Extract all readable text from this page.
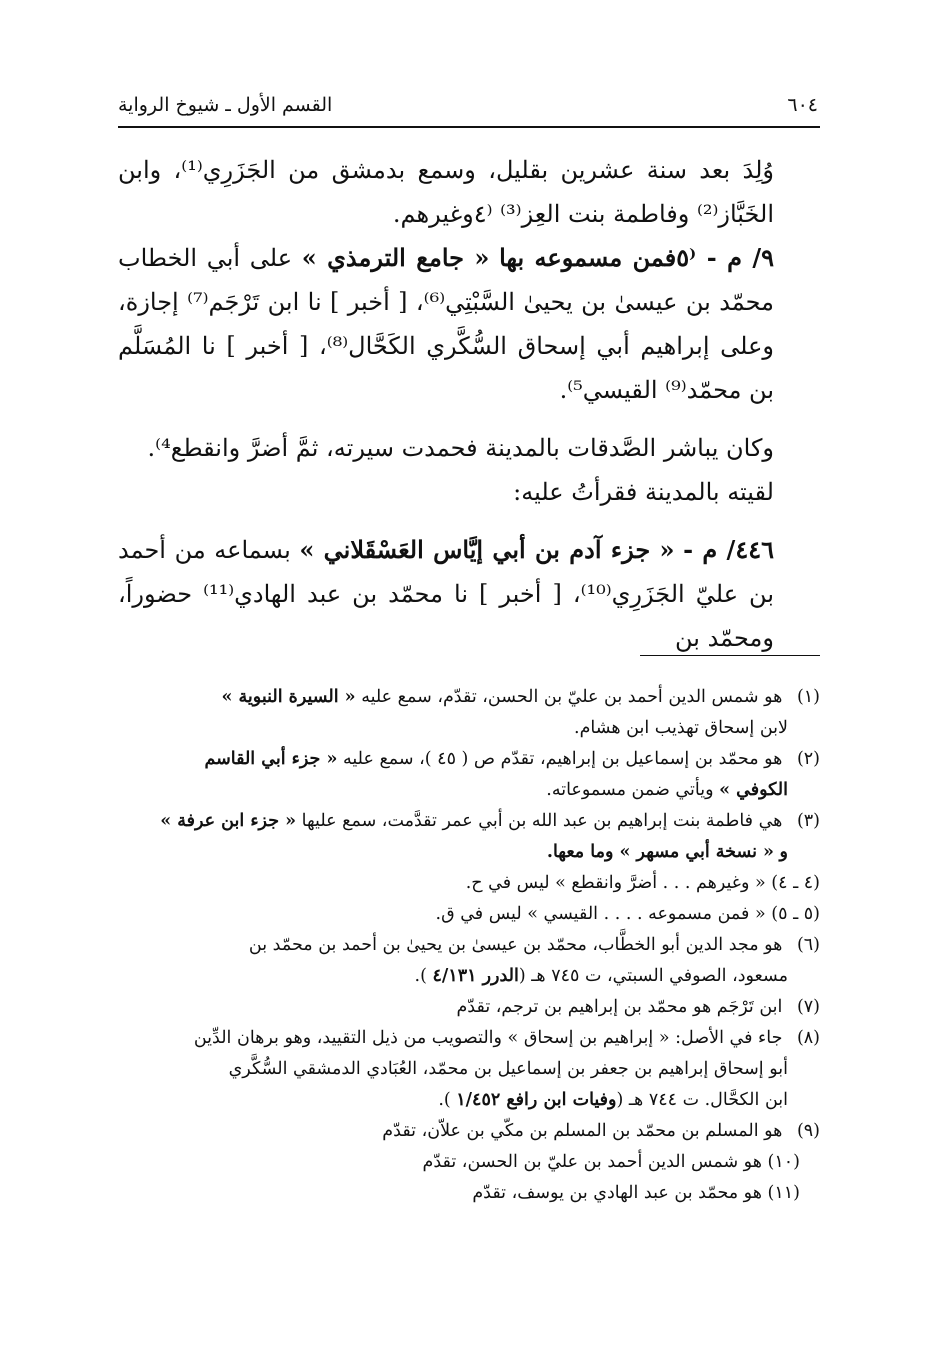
٦٠٤
القسم الأول ـ شيوخ الرواية

وُلِدَ بعد سنة عشرين بقليل، وسمع بدمشق من الجَزَرِي⁽¹⁾، وابن الخَبَّاز⁽²⁾ وفاطمة بنت العِز⁽³⁾ ⁽٤وغيرهم.

٩/ م - ⁽٥فمن مسموعه بها « جامع الترمذي » على أبي الخطاب محمّد بن عيسىٰ بن يحيىٰ السَّبْتِي⁽⁶⁾، [ أخبر ] نا ابن تَرْجَم⁽⁷⁾ إجازة، وعلى إبراهيم أبي إسحاق السُّكَّري الكَحَّال⁽⁸⁾، [ أخبر ] نا المُسَلَّم بن محمّد⁽⁹⁾ القيسي⁵⁾.

وكان يباشر الصَّدقات بالمدينة فحمدت سيرته، ثمَّ أضرَّ وانقطع⁴⁾.

لقيته بالمدينة فقرأتُ عليه:

٤٤٦/ م - « جزء آدم بن أبي إيَّاس العَسْقَلاني » بسماعه من أحمد بن عليّ الجَزَرِي⁽¹⁰⁾، [ أخبر ] نا محمّد بن عبد الهادي⁽¹¹⁾ حضوراً، ومحمّد بن

(١) هو شمس الدين أحمد بن عليّ بن الحسن، تقدّم، سمع عليه « السيرة النبوية »
لابن إسحاق تهذيب ابن هشام.
(٢) هو محمّد بن إسماعيل بن إبراهيم، تقدّم ص ( ٤٥ )، سمع عليه « جزء أبي القاسم
الكوفي » ويأتي ضمن مسموعاته.
(٣) هي فاطمة بنت إبراهيم بن عبد الله بن أبي عمر تقدَّمت، سمع عليها « جزء ابن عرفة »
و « نسخة أبي مسهر » وما معها.
(٤ ـ ٤) « وغيرهم . . . أضرَّ وانقطع » ليس في ح.
(٥ ـ ٥) « فمن مسموعه . . . . القيسي » ليس في ق.
(٦) هو مجد الدين أبو الخطَّاب، محمّد بن عيسىٰ بن يحيىٰ بن أحمد بن محمّد بن
مسعود، الصوفي السبتي، ت ٧٤٥ هـ (الدرر ٤/١٣١ ).
(٧) ابن تَرْجَم هو محمّد بن إبراهيم بن ترجم، تقدّم
(٨) جاء في الأصل: « إبراهيم بن إسحاق » والتصويب من ذيل التقييد، وهو برهان الدِّين
أبو إسحاق إبراهيم بن جعفر بن إسماعيل بن محمّد، العُبَادي الدمشقي السُّكَّري
ابن الكحَّال. ت ٧٤٤ هـ (وفيات ابن رافع ١/٤٥٢ ).
(٩) هو المسلم بن محمّد بن المسلم بن مكّي بن علاّن، تقدّم
(١٠) هو شمس الدين أحمد بن عليّ بن الحسن، تقدّم
(١١) هو محمّد بن عبد الهادي بن يوسف، تقدّم
